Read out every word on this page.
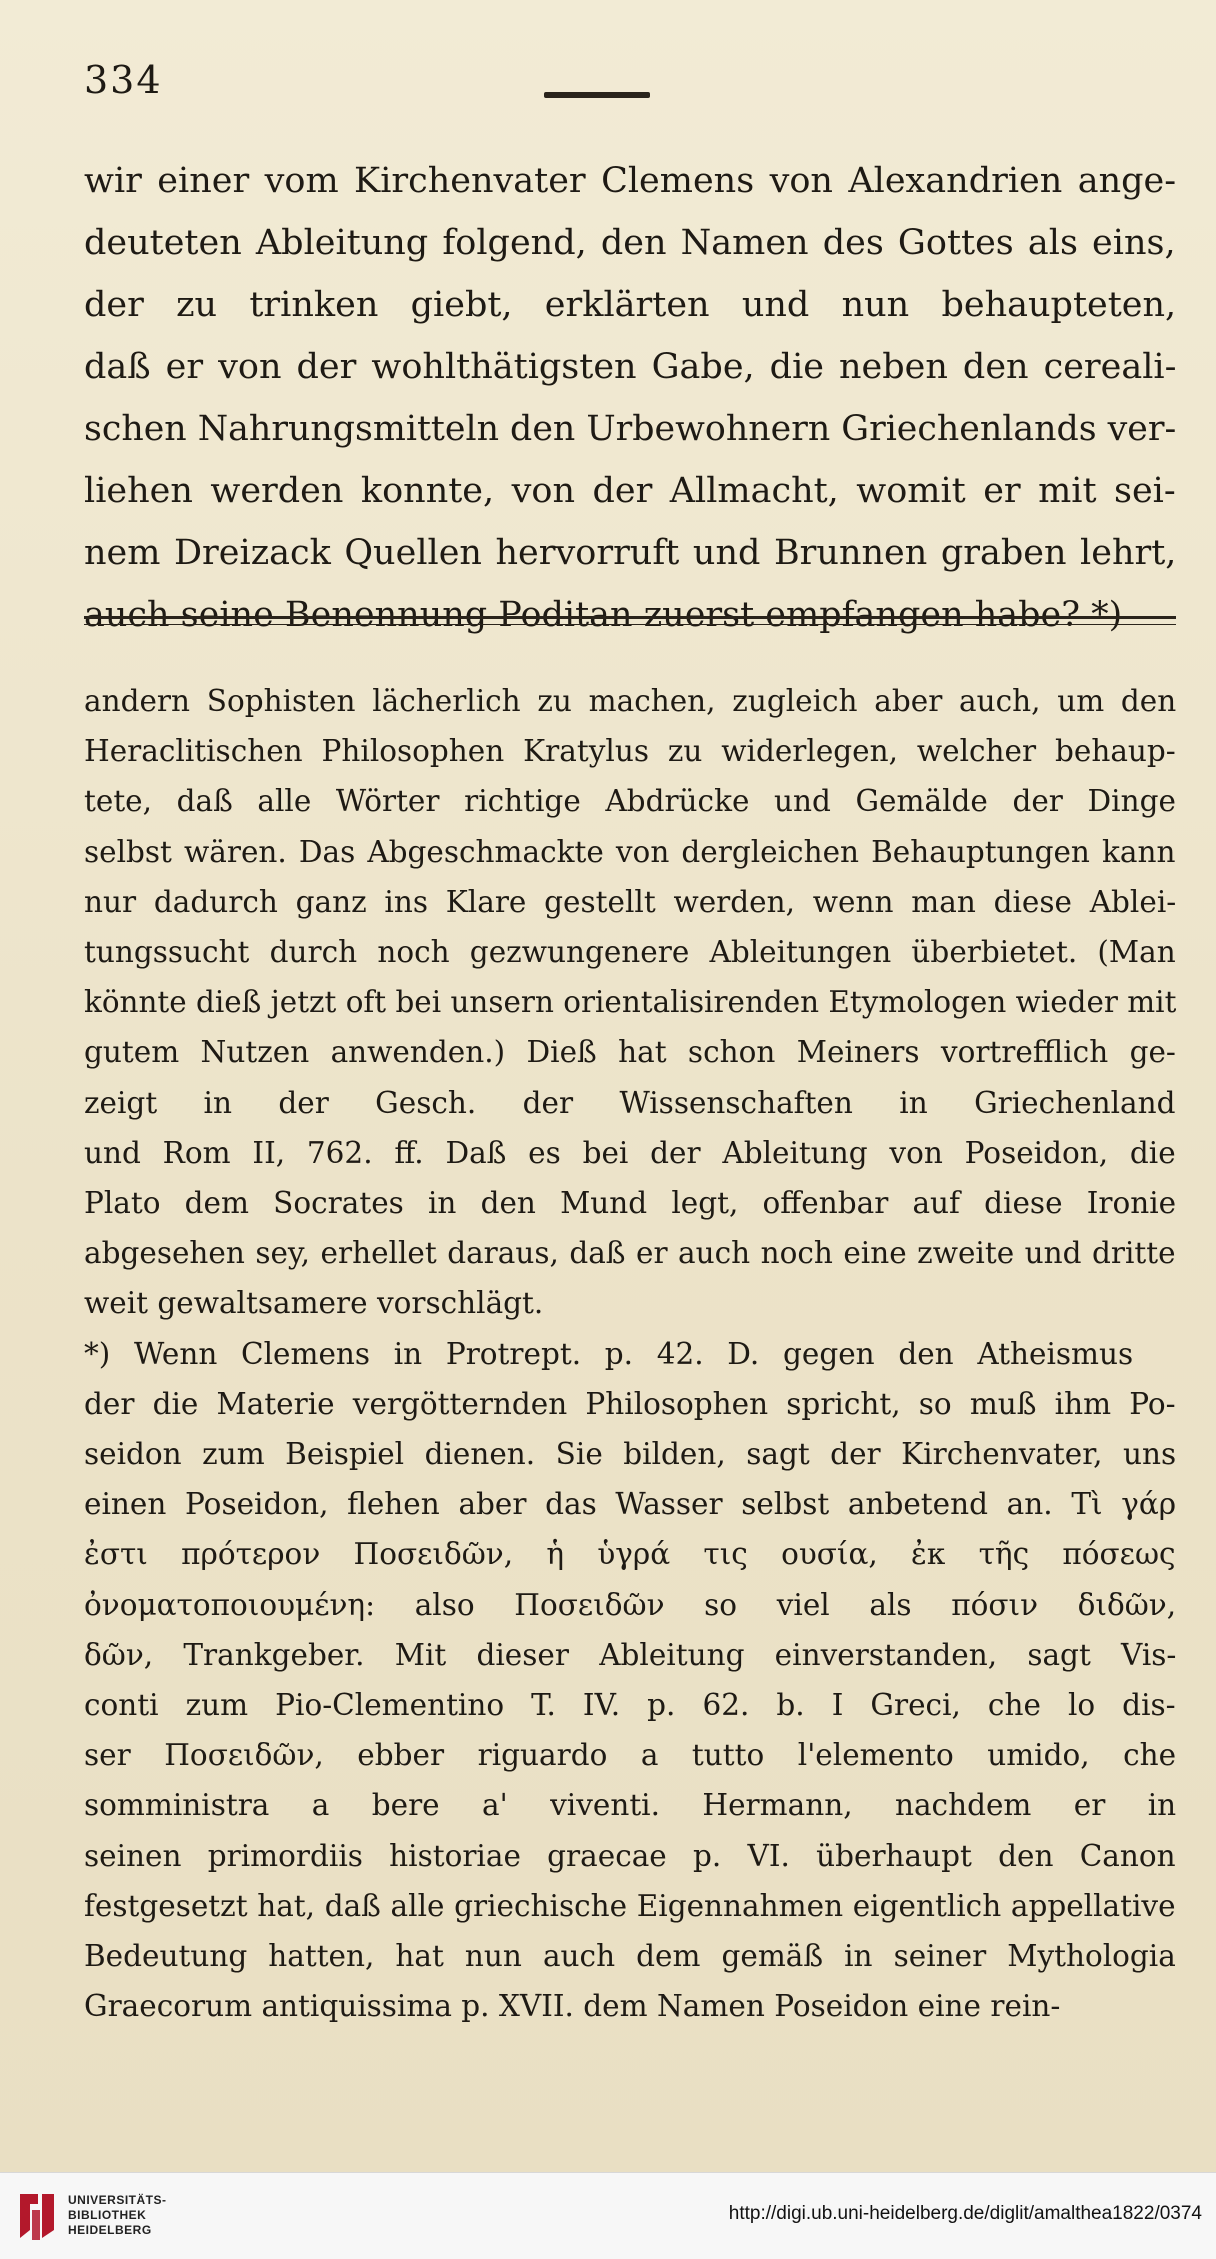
334
wir einer vom Kirchenvater Clemens von Alexandrien ange-
deuteten Ableitung folgend, den Namen des Gottes als eins,
der zu trinken giebt, erklärten und nun behaupteten,
daß er von der wohlthätigsten Gabe, die neben den cereali-
schen Nahrungsmitteln den Urbewohnern Griechenlands ver-
liehen werden konnte, von der Allmacht, womit er mit sei-
nem Dreizack Quellen hervorruft und Brunnen graben lehrt,
auch seine Benennung Poditan zuerst empfangen habe? *)
andern Sophisten lächerlich zu machen, zugleich aber auch, um den
Heraclitischen Philosophen Kratylus zu widerlegen, welcher behaup-
tete, daß alle Wörter richtige Abdrücke und Gemälde der Dinge
selbst wären. Das Abgeschmackte von dergleichen Behauptungen kann
nur dadurch ganz ins Klare gestellt werden, wenn man diese Ablei-
tungssucht durch noch gezwungenere Ableitungen überbietet. (Man
könnte dieß jetzt oft bei unsern orientalisirenden Etymologen wieder mit
gutem Nutzen anwenden.) Dieß hat schon Meiners vortrefflich ge-
zeigt in der Gesch. der Wissenschaften in Griechenland
und Rom II, 762. ff. Daß es bei der Ableitung von Poseidon, die
Plato dem Socrates in den Mund legt, offenbar auf diese Ironie
abgesehen sey, erhellet daraus, daß er auch noch eine zweite und dritte
weit gewaltsamere vorschlägt.
*) Wenn Clemens in Protrept. p. 42. D. gegen den Atheismus
der die Materie vergötternden Philosophen spricht, so muß ihm Po-
seidon zum Beispiel dienen. Sie bilden, sagt der Kirchenvater, uns
einen Poseidon, flehen aber das Wasser selbst anbetend an. Τὶ γάρ
ἐστι πρότερον Ποσειδῶν, ἡ ὑγρά τις ουσία, ἐκ τῆς πόσεως
ὀνοματοποιουμένη: also Ποσειδῶν so viel als πόσιν διδῶν,
δῶν, Trankgeber. Mit dieser Ableitung einverstanden, sagt Vis-
conti zum Pio-Clementino T. IV. p. 62. b. I Greci, che lo dis-
ser Ποσειδῶν, ebber riguardo a tutto l'elemento umido, che
somministra a bere a' viventi. Hermann, nachdem er in
seinen primordiis historiae graecae p. VI. überhaupt den Canon
festgesetzt hat, daß alle griechische Eigennahmen eigentlich appellative
Bedeutung hatten, hat nun auch dem gemäß in seiner Mythologia
Graecorum antiquissima p. XVII. dem Namen Poseidon eine rein-
UNIVERSITÄTS-
BIBLIOTHEK
HEIDELBERG
http://digi.ub.uni-heidelberg.de/diglit/amalthea1822/0374
